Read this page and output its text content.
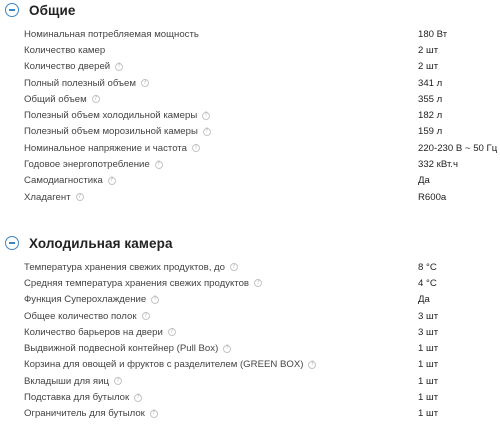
Общие
Номинальная потребляемая мощность	180 Вт
Количество камер	2 шт
Количество дверей ?	2 шт
Полный полезный объем ?	341 л
Общий объем ?	355 л
Полезный объем холодильной камеры ?	182 л
Полезный объем морозильной камеры ?	159 л
Номинальное напряжение и частота ?	220-230 В ~ 50 Гц
Годовое энергопотребление ?	332 кВт.ч
Самодиагностика ?	Да
Хладагент ?	R600a
Холодильная камера
Температура хранения свежих продуктов, до ?	8 °C
Средняя температура хранения свежих продуктов ?	4 °C
Функция Суперохлаждение ?	Да
Общее количество полок ?	3 шт
Количество барьеров на двери ?	3 шт
Выдвижной подвесной контейнер (Pull Box) ?	1 шт
Корзина для овощей и фруктов с разделителем (GREEN BOX) ?	1 шт
Вкладыши для яиц ?	1 шт
Подставка для бутылок ?	1 шт
Ограничитель для бутылок ?	1 шт
